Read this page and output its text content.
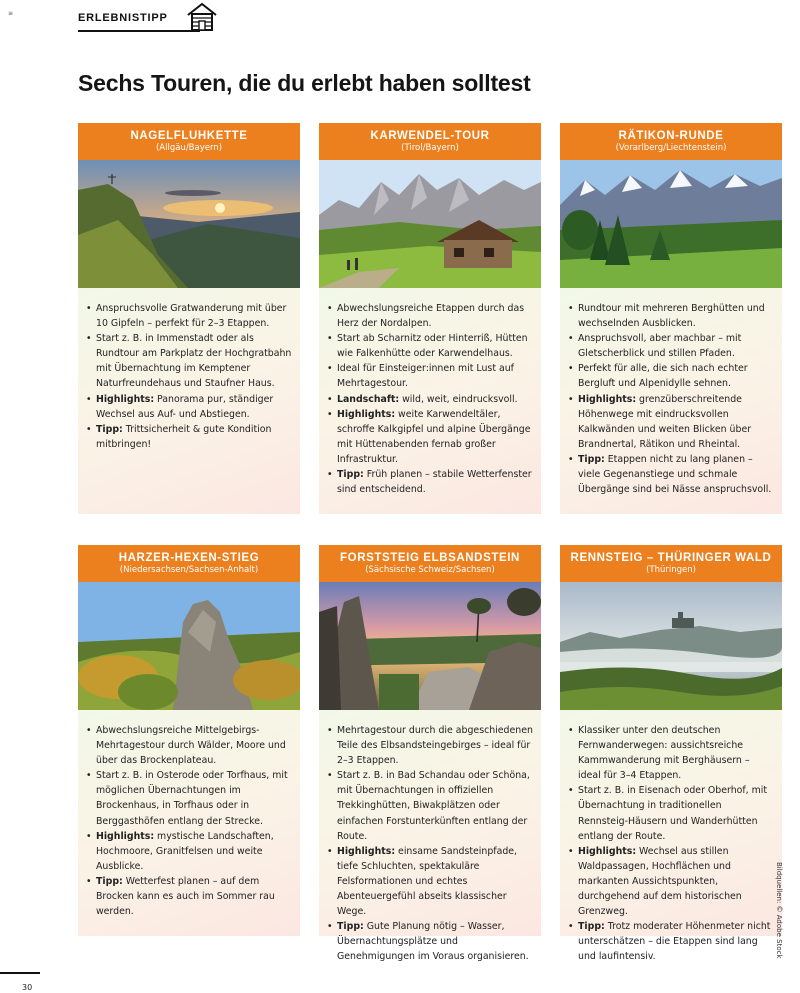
≡	ERLEBNISTIPP
Sechs Touren, die du erlebt haben solltest
NAGELFLUHKETTE
(Allgäu/Bayern)
• Anspruchsvolle Gratwanderung mit über 10 Gipfeln – perfekt für 2–3 Etappen.
• Start z. B. in Immenstadt oder als Rundtour am Parkplatz der Hochgratbahn mit Übernachtung im Kemptener Naturfreundehaus und Staufner Haus.
• Highlights: Panorama pur, ständiger Wechsel aus Auf- und Abstiegen.
• Tipp: Trittsicherheit & gute Kondition mitbringen!
KARWENDEL-TOUR
(Tirol/Bayern)
• Abwechslungsreiche Etappen durch das Herz der Nordalpen.
• Start ab Scharnitz oder Hinterriß, Hütten wie Falkenhütte oder Karwendelhaus.
• Ideal für Einsteiger:innen mit Lust auf Mehrtagestour.
• Landschaft: wild, weit, eindrucksvoll.
• Highlights: weite Karwendeltäler, schroffe Kalkgipfel und alpine Übergänge mit Hüttenabenden fernab großer Infrastruktur.
• Tipp: Früh planen – stabile Wetterfenster sind entscheidend.
RÄTIKON-RUNDE
(Vorarlberg/Liechtenstein)
• Rundtour mit mehreren Berghütten und wechselnden Ausblicken.
• Anspruchsvoll, aber machbar – mit Gletscherblick und stillen Pfaden.
• Perfekt für alle, die sich nach echter Bergluft und Alpenidylle sehnen.
• Highlights: grenzüberschreitende Höhenwege mit eindrucksvollen Kalkwänden und weiten Blicken über Brandnertal, Rätikon und Rheintal.
• Tipp: Etappen nicht zu lang planen – viele Gegenanstiege und schmale Übergänge sind bei Nässe anspruchsvoll.
HARZER-HEXEN-STIEG
(Niedersachsen/Sachsen-Anhalt)
• Abwechslungsreiche Mittelgebirgs-Mehrtagestour durch Wälder, Moore und über das Brockenplateau.
• Start z. B. in Osterode oder Torfhaus, mit möglichen Übernachtungen im Brockenhaus, in Torfhaus oder in Berggasthöfen entlang der Strecke.
• Highlights: mystische Landschaften, Hochmoore, Granitfelsen und weite Ausblicke.
• Tipp: Wetterfest planen – auf dem Brocken kann es auch im Sommer rau werden.
FORSTSTEIG ELBSANDSTEIN
(Sächsische Schweiz/Sachsen)
• Mehrtagestour durch die abgeschiedenen Teile des Elbsandsteingebirges – ideal für 2–3 Etappen.
• Start z. B. in Bad Schandau oder Schöna, mit Übernachtungen in offiziellen Trekkinghütten, Biwakplätzen oder einfachen Forstunterkünften entlang der Route.
• Highlights: einsame Sandsteinpfade, tiefe Schluchten, spektakuläre Felsformationen und echtes Abenteuergefühl abseits klassischer Wege.
• Tipp: Gute Planung nötig – Wasser, Übernachtungsplätze und Genehmigungen im Voraus organisieren.
RENNSTEIG – THÜRINGER WALD
(Thüringen)
• Klassiker unter den deutschen Fernwanderwegen: aussichtsreiche Kammwanderung mit Berghäusern – ideal für 3–4 Etappen.
• Start z. B. in Eisenach oder Oberhof, mit Übernachtung in traditionellen Rennsteig-Häusern und Wanderhütten entlang der Route.
• Highlights: Wechsel aus stillen Waldpassagen, Hochflächen und markanten Aussichtspunkten, durchgehend auf dem historischen Grenzweg.
• Tipp: Trotz moderater Höhenmeter nicht unterschätzen – die Etappen sind lang und laufintensiv.	Bildquellen: © Adobe Stock
30
